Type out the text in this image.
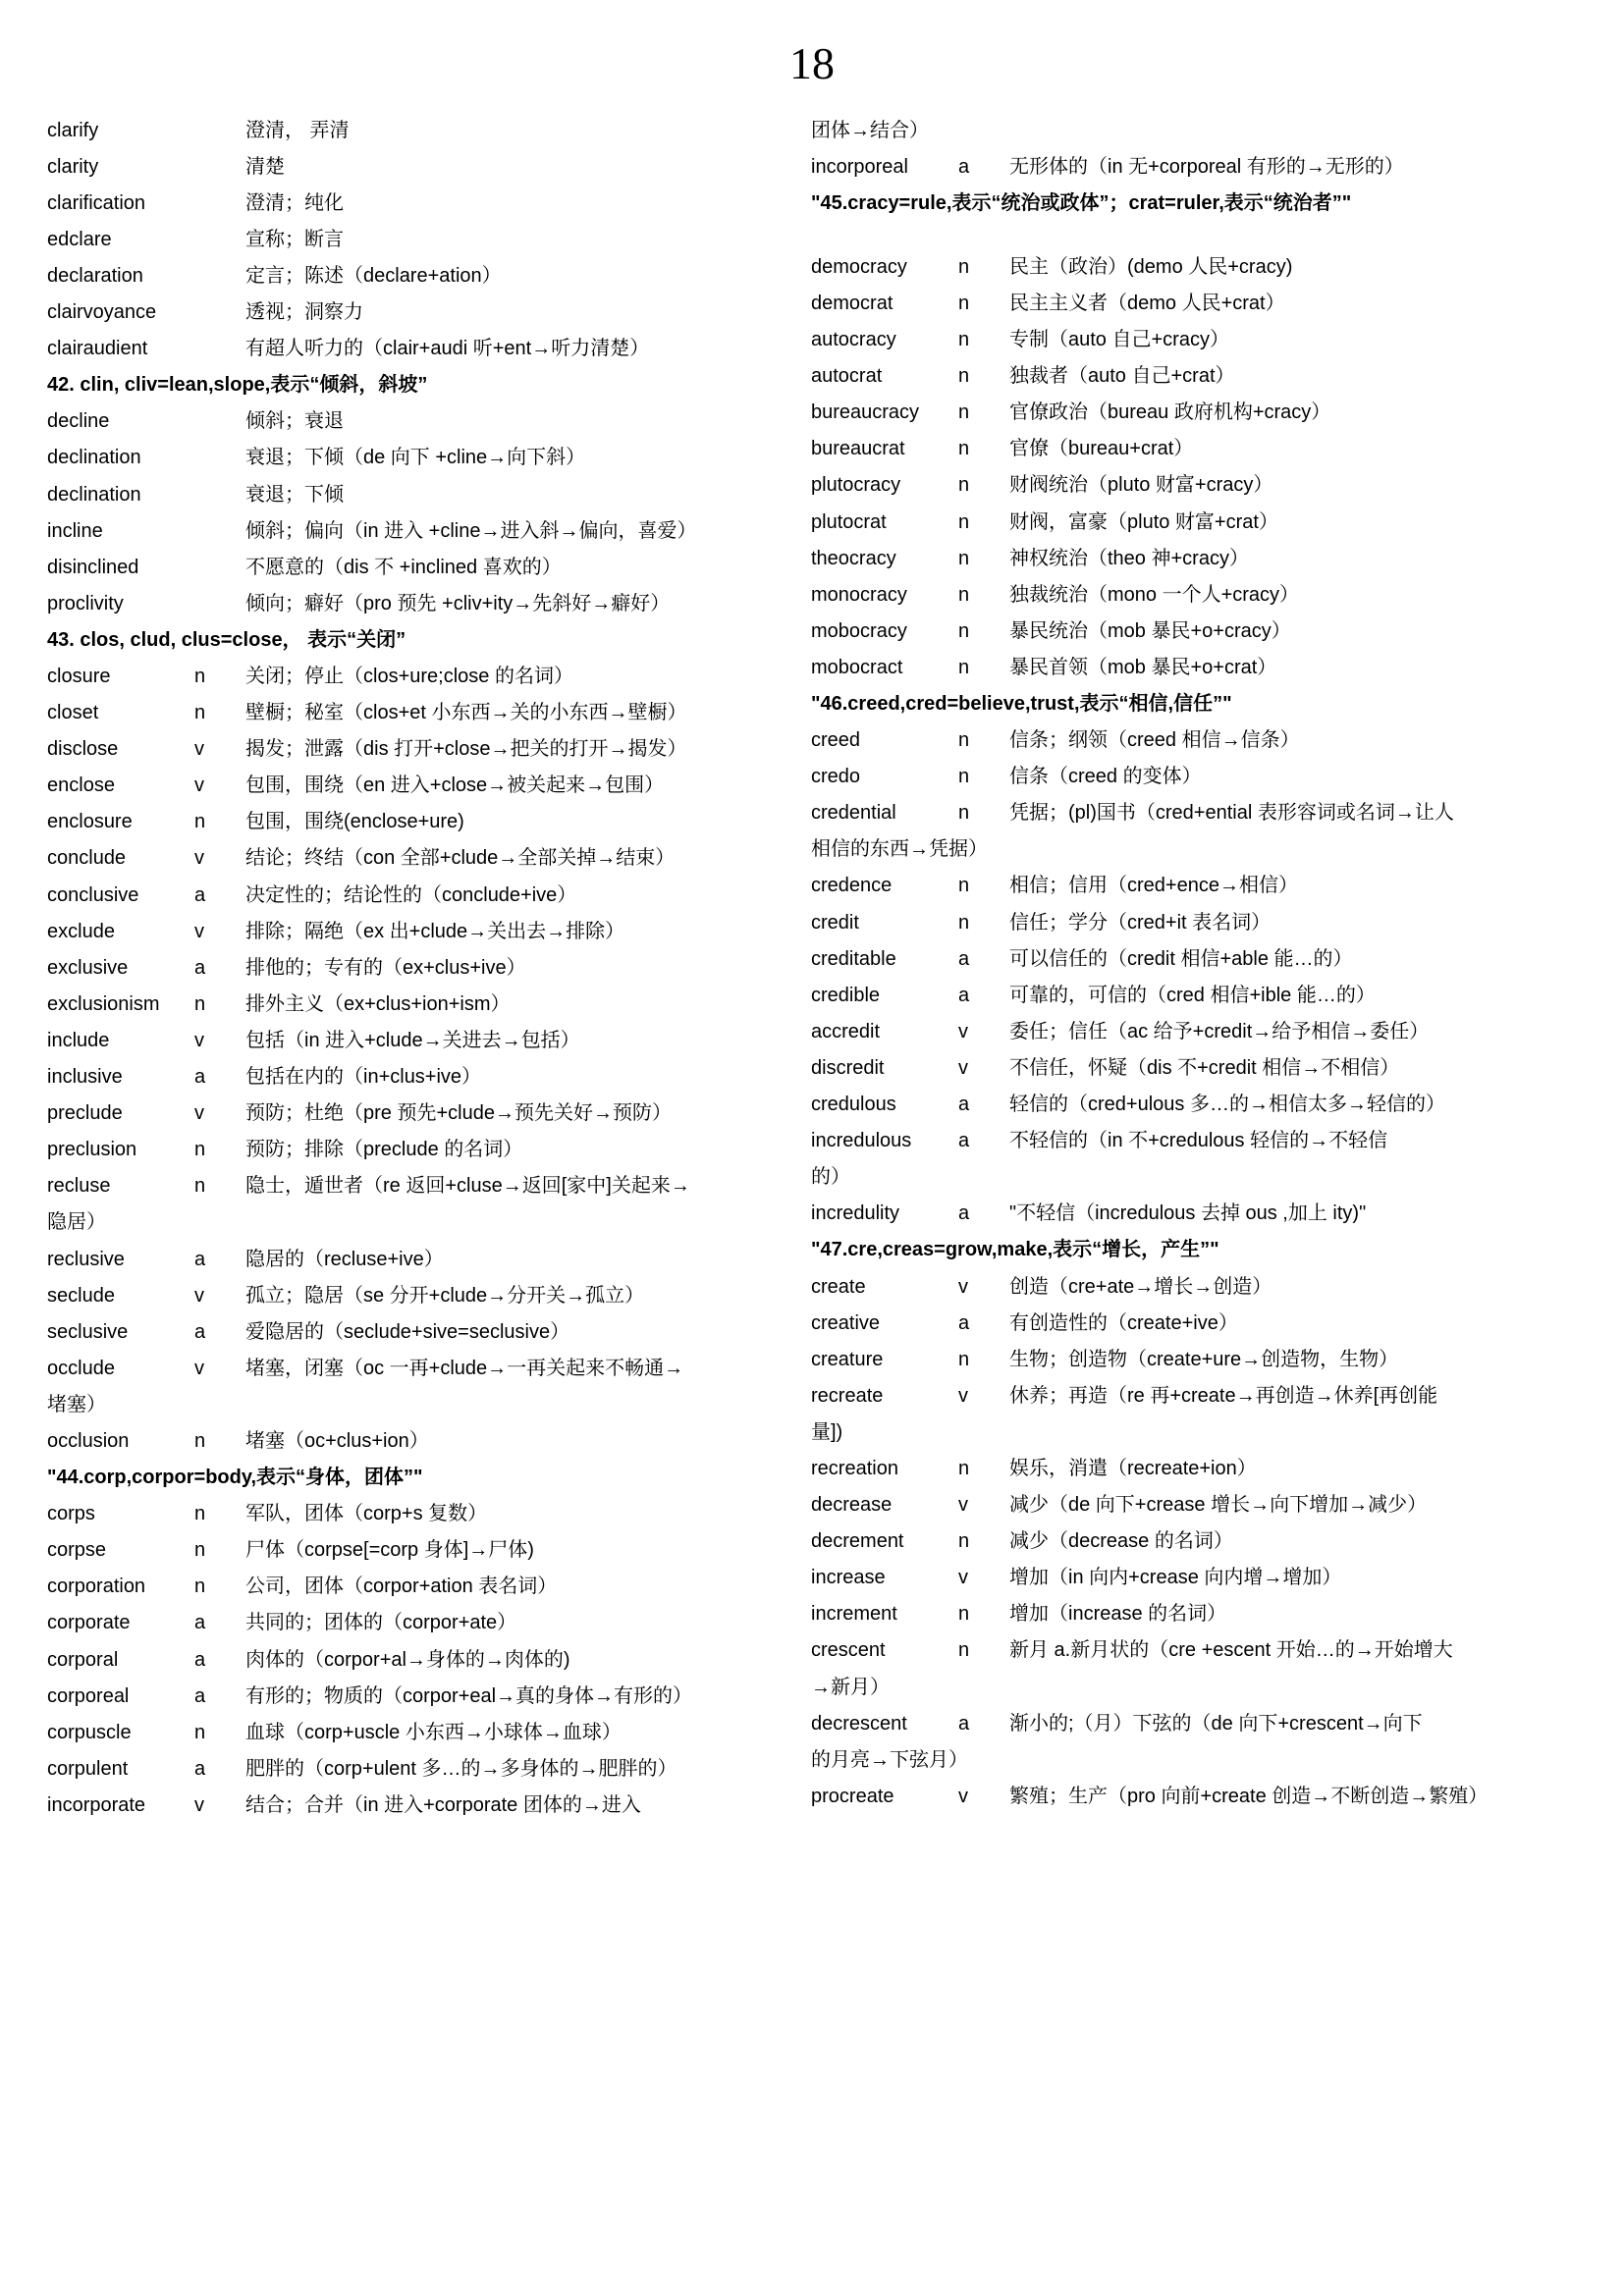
18
clarify	澄清， 弄清
clarity	清楚
clarification	澄清；纯化
edclare	宣称；断言
declaration	定言；陈述（declare+ation）
clairvoyance	透视；洞察力
clairaudient	有超人听力的（clair+audi 听+ent→听力清楚）
42. clin, cliv=lean,slope,表示“倾斜，斜坡”
decline	倾斜；衰退
declination	衰退；下倾（de 向下 +cline→向下斜）
declination	衰退；下倾
incline	倾斜；偏向（in 进入 +cline→进入斜→偏向，喜爱）
disinclined	不愿意的（dis 不 +inclined 喜欢的）
proclivity	倾向；癖好（pro 预先 +cliv+ity→先斜好→癖好）
43. clos, clud, clus=close， 表示“关闭”
closure	n 关闭；停止（clos+ure;close 的名词）
closet	n 壁橱；秘室（clos+et 小东西→关的小东西→壁橱）
disclose	v 揭发；泄露（dis 打开+close→把关的打开→揭发）
enclose	v 包围，围绕（en 进入+close→被关起来→包围）
enclosure	n 包围，围绕(enclose+ure)
conclude	v 结论；终结（con 全部+clude→全部关掉→结束）
conclusive	a 决定性的；结论性的（conclude+ive）
exclude	v 排除；隔绝（ex 出+clude→关出去→排除）
exclusive	a 排他的；专有的（ex+clus+ive）
exclusionism n 排外主义（ex+clus+ion+ism）
include	v 包括（in 进入+clude→关进去→包括）
inclusive	a 包括在内的（in+clus+ive）
preclude	v 预防；杜绝（pre 预先+clude→预先关好→预防）
preclusion	n 预防；排除（preclude 的名词）
recluse	n 隐士，遁世者（re 返回+cluse→返回[家中]关起来→
隐居）
reclusive	a 隐居的（recluse+ive）
seclude	v 孤立；隐居（se 分开+clude→分开关→孤立）
seclusive	a 爱隐居的（seclude+sive=seclusive）
occlude	v 堵塞，闭塞（oc 一再+clude→一再关起来不畅通→
堵塞）
occlusion	n 堵塞（oc+clus+ion）
"44.corp,corpor=body,表示“身体，团体”"
corps	n 军队，团体（corp+s 复数）
corpse	n 尸体（corpse[=corp 身体]→尸体)
corporation n 公司，团体（corpor+ation 表名词）
corporate	a 共同的；团体的（corpor+ate）
corporal	a 肉体的（corpor+al→身体的→肉体的)
corporeal	a 有形的；物质的（corpor+eal→真的身体→有形的）
corpuscle	n 血球（corp+uscle 小东西→小球体→血球）
corpulent	a 肥胖的（corp+ulent 多…的→多身体的→肥胖的）
incorporate v 结合；合并（in 进入+corporate 团体的→进入
团体→结合）
incorporeal	a 无形体的（in 无+corporeal 有形的→无形的）
"45.cracy=rule,表示“统治或政体”；crat=ruler,表示“统治者”"
democracy	n 民主（政治）(demo 人民+cracy)
democrat	n 民主主义者（demo 人民+crat）
autocracy	n 专制（auto 自己+cracy）
autocrat	n 独裁者（auto 自己+crat）
bureaucracy n 官僚政治（bureau 政府机构+cracy）
bureaucrat	n 官僚（bureau+crat）
plutocracy	n 财阀统治（pluto 财富+cracy）
plutocrat	n 财阀，富豪（pluto 财富+crat）
theocracy	n 神权统治（theo 神+cracy）
monocracy	n 独裁统治（mono 一个人+cracy）
mobocracy	n 暴民统治（mob 暴民+o+cracy）
mobocract	n 暴民首领（mob 暴民+o+crat）
"46.creed,cred=believe,trust,表示“相信,信任”"
creed	n 信条；纲领（creed 相信→信条）
credo	n 信条（creed 的变体）
credential	n 凭据；(pl)国书（cred+ential 表形容词或名词→让人
相信的东西→凭据）
credence	n 相信；信用（cred+ence→相信）
credit	n 信任；学分（cred+it 表名词）
creditable	a 可以信任的（credit 相信+able 能…的）
credible	a 可靠的，可信的（cred 相信+ible 能…的）
accredit	v 委任；信任（ac 给予+credit→给予相信→委任）
discredit	v 不信任，怀疑（dis 不+credit 相信→不相信）
credulous	a 轻信的（cred+ulous 多…的→相信太多→轻信的）
incredulous a 不轻信的（in 不+credulous 轻信的→不轻信
的）
incredulity	a "不轻信（incredulous 去掉 ous ,加上 ity)"
"47.cre,creas=grow,make,表示“增长，产生”"
create	v 创造（cre+ate→增长→创造）
creative	a 有创造性的（create+ive）
creature	n 生物；创造物（create+ure→创造物，生物）
recreate	v 休养；再造（re 再+create→再创造→休养[再创能
量])
recreation	n 娱乐，消遣（recreate+ion）
decrease	v 减少（de 向下+crease 增长→向下增加→减少）
decrement	n 减少（decrease 的名词）
increase	v 增加（in 向内+crease 向内增→增加）
increment	n 增加（increase 的名词）
crescent	n 新月 a.新月状的（cre +escent 开始…的→开始增大
→新月）
decrescent	a 渐小的;（月）下弦的（de 向下+crescent→向下
的月亮→下弦月）
procreate	v 繁殖；生产（pro 向前+create 创造→不断创造→繁殖）
